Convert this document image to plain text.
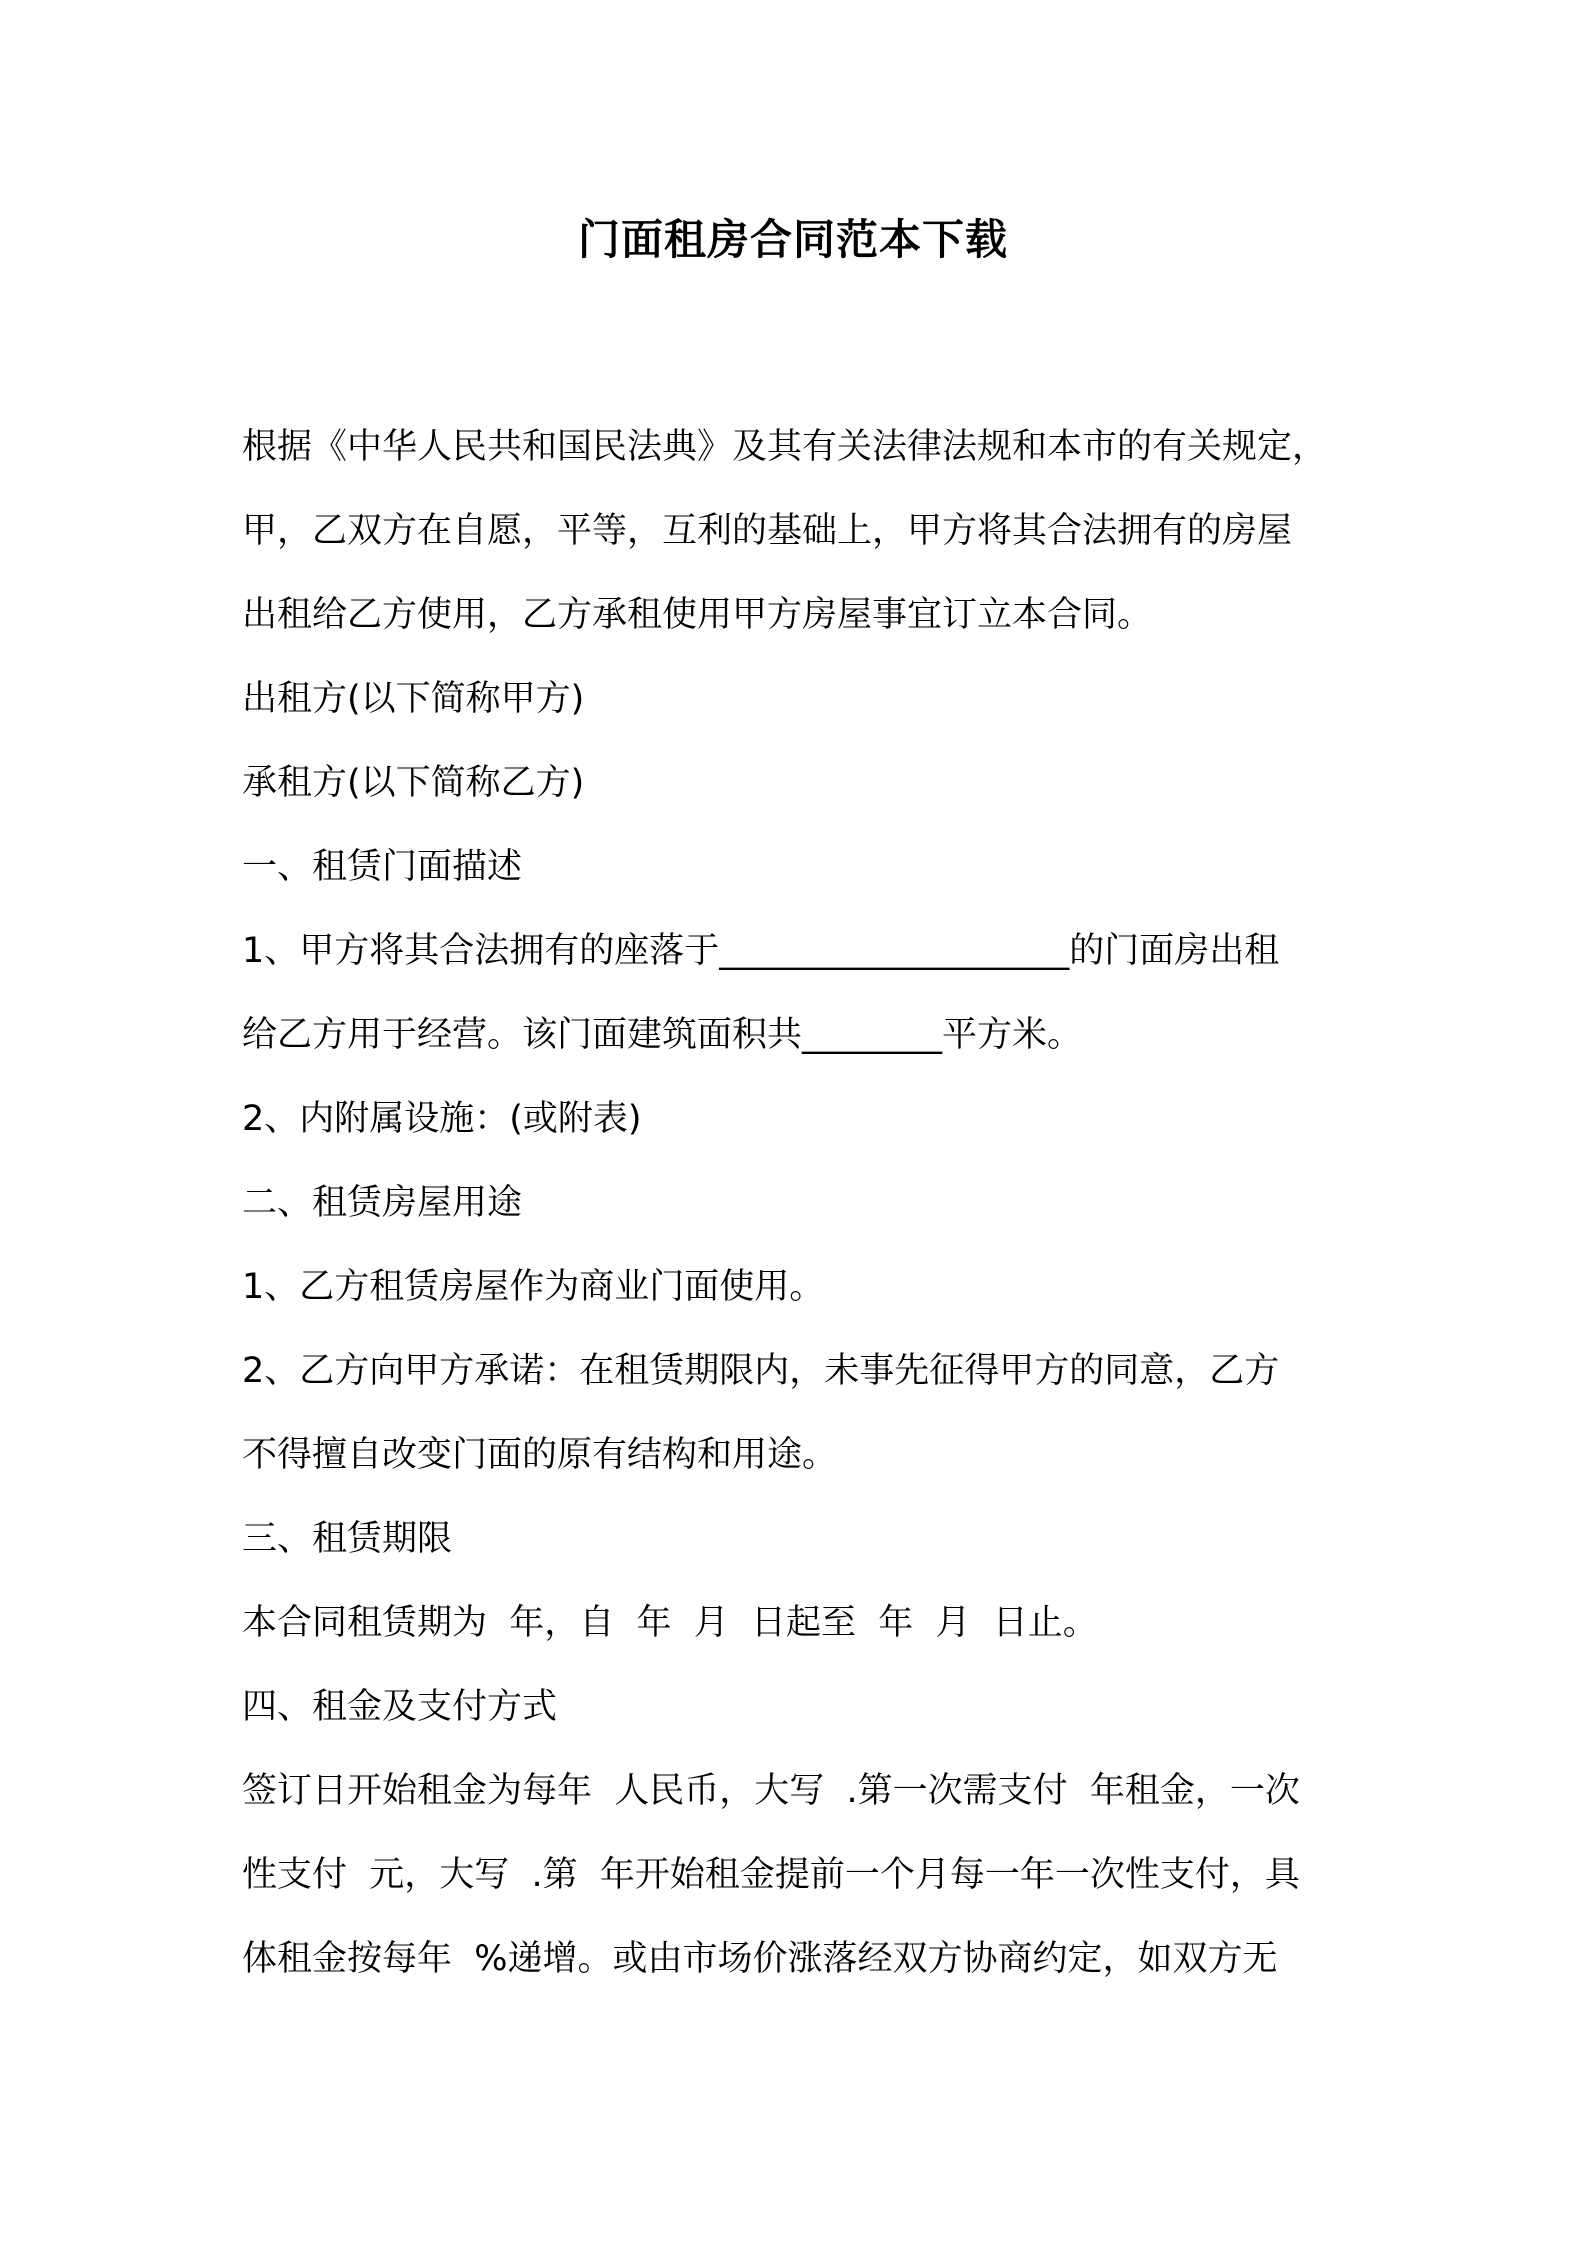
门面租房合同范本下载
根据《中华人民共和国民法典》及其有关法律法规和本市的有关规定，
甲，乙双方在自愿，平等，互利的基础上，甲方将其合法拥有的房屋
出租给乙方使用，乙方承租使用甲方房屋事宜订立本合同。
出租方(以下简称甲方)
承租方(以下简称乙方)
一、租赁门面描述
1、甲方将其合法拥有的座落于____________________的门面房出租
给乙方用于经营。该门面建筑面积共________平方米。
2、内附属设施：(或附表)
二、租赁房屋用途
1、乙方租赁房屋作为商业门面使用。
2、乙方向甲方承诺：在租赁期限内，未事先征得甲方的同意，乙方
不得擅自改变门面的原有结构和用途。
三、租赁期限
本合同租赁期为  年，自  年  月  日起至  年  月  日止。
四、租金及支付方式
签订日开始租金为每年  人民币，大写  .第一次需支付  年租金，一次
性支付  元，大写  .第  年开始租金提前一个月每一年一次性支付，具
体租金按每年  %递增。或由市场价涨落经双方协商约定，如双方无
